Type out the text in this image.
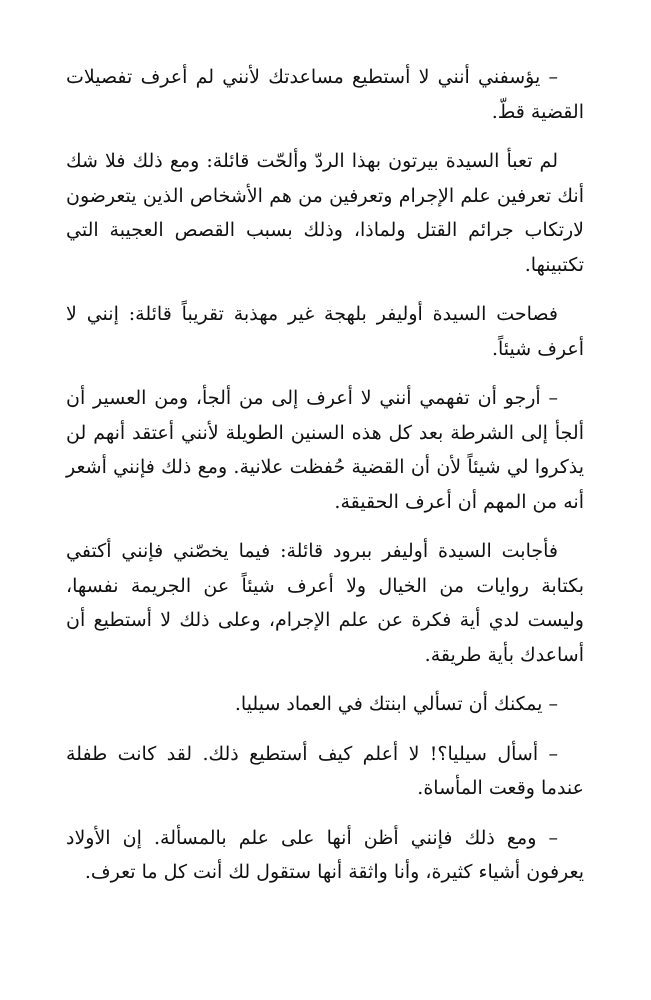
– يؤسفني أنني لا أستطيع مساعدتك لأنني لم أعرف تفصيلات القضية قطّ.

لم تعبأ السيدة بيرتون بهذا الردّ وألحّت قائلة: ومع ذلك فلا شك أنك تعرفين علم الإجرام وتعرفين من هم الأشخاص الذين يتعرضون لارتكاب جرائم القتل ولماذا، وذلك بسبب القصص العجيبة التي تكتبينها.

فصاحت السيدة أوليفر بلهجة غير مهذبة تقريباً قائلة: إنني لا أعرف شيئاً.

– أرجو أن تفهمي أنني لا أعرف إلى من ألجأ، ومن العسير أن ألجأ إلى الشرطة بعد كل هذه السنين الطويلة لأنني أعتقد أنهم لن يذكروا لي شيئاً لأن أن القضية حُفظت علانية. ومع ذلك فإنني أشعر أنه من المهم أن أعرف الحقيقة.

فأجابت السيدة أوليفر ببرود قائلة: فيما يخصّني فإنني أكتفي بكتابة روايات من الخيال ولا أعرف شيئاً عن الجريمة نفسها، وليست لدي أية فكرة عن علم الإجرام، وعلى ذلك لا أستطيع أن أساعدك بأية طريقة.

– يمكنك أن تسألي ابنتك في العماد سيليا.

– أسأل سيليا؟! لا أعلم كيف أستطيع ذلك. لقد كانت طفلة عندما وقعت المأساة.

– ومع ذلك فإنني أظن أنها على علم بالمسألة. إن الأولاد يعرفون أشياء كثيرة، وأنا واثقة أنها ستقول لك أنت كل ما تعرف.
